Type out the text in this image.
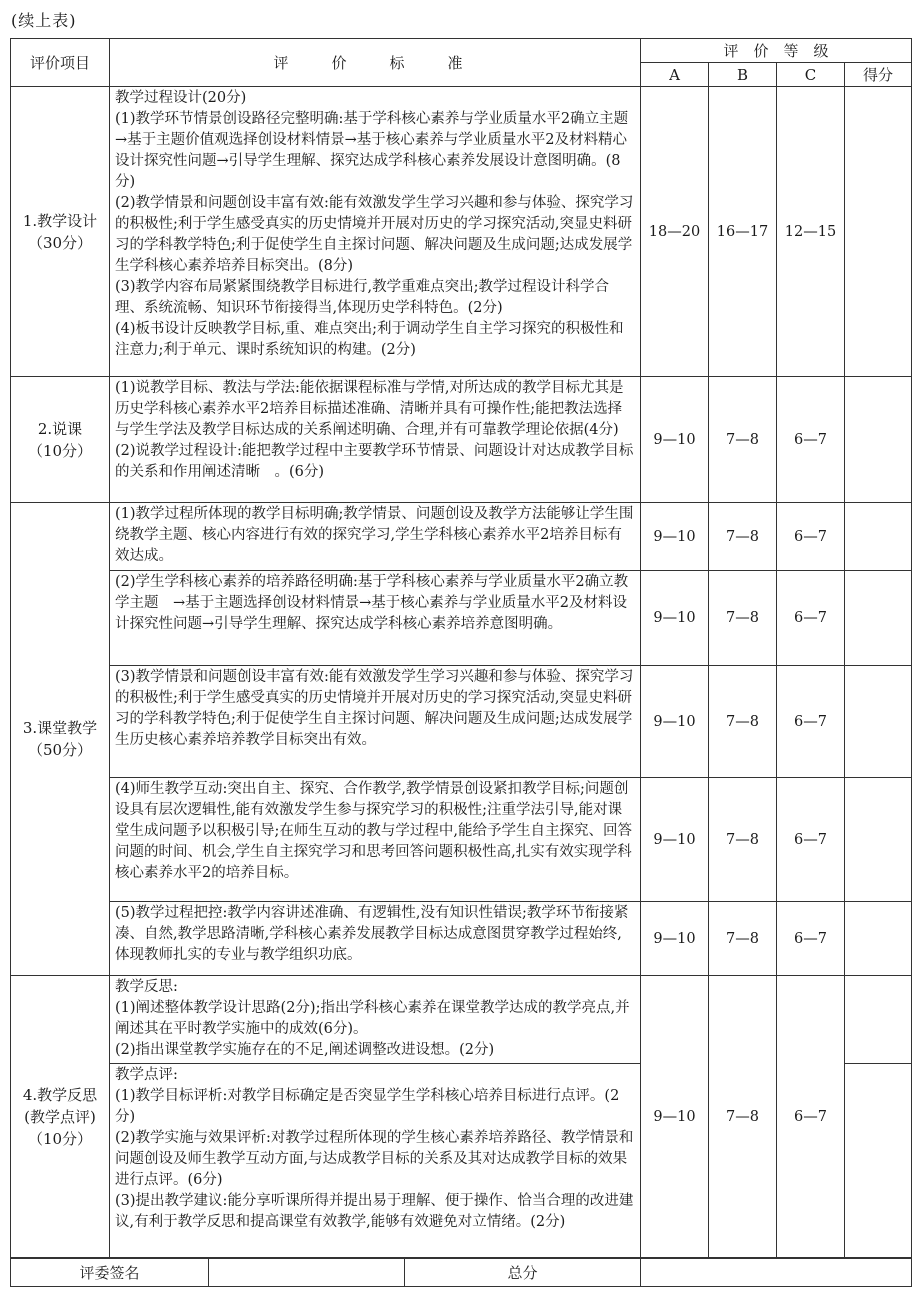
(续上表)
评价项目	评　价　标　准	评　价　等　级			
		A	B	C	得分

1.教学设计
（30分）	教学过程设计(20分)
(1)教学环节情景创设路径完整明确:基于学科核心素养与学业质量水平2确立主题　→基于主题价值观选择创设材料情景→基于核心素养与学业质量水平2及材料精心设计探究性问题→引导学生理解、探究达成学科核心素养发展设计意图明确。(8分)
(2)教学情景和问题创设丰富有效:能有效激发学生学习兴趣和参与体验、探究学习的积极性;利于学生感受真实的历史情境并开展对历史的学习探究活动,突显史料研习的学科教学特色;利于促使学生自主探讨问题、解决问题及生成问题;达成发展学生学科核心素养培养目标突出。(8分)
(3)教学内容布局紧紧围绕教学目标进行,教学重难点突出;教学过程设计科学合理、系统流畅、知识环节衔接得当,体现历史学科特色。(2分)
(4)板书设计反映教学目标,重、难点突出;利于调动学生自主学习探究的积极性和注意力;利于单元、课时系统知识的构建。(2分)	18—20	16—17	12—15	

2.说课
（10分）	(1)说教学目标、教法与学法:能依据课程标准与学情,对所达成的教学目标尤其是历史学科核心素养水平2培养目标描述准确、清晰并具有可操作性;能把教法选择与学生学法及教学目标达成的关系阐述明确、合理,并有可靠教学理论依据(4分)
(2)说教学过程设计:能把教学过程中主要教学环节情景、问题设计对达成教学目标的关系和作用阐述清晰　。(6分)	9—10	7—8	6—7	

3.课堂教学
（50分）	(1)教学过程所体现的教学目标明确;教学情景、问题创设及教学方法能够让学生围绕教学主题、核心内容进行有效的探究学习,学生学科核心素养水平2培养目标有效达成。	9—10	7—8	6—7	
	(2)学生学科核心素养的培养路径明确:基于学科核心素养与学业质量水平2确立教学主题　→基于主题选择创设材料情景→基于核心素养与学业质量水平2及材料设计探究性问题→引导学生理解、探究达成学科核心素养培养意图明确。	9—10	7—8	6—7	
	(3)教学情景和问题创设丰富有效:能有效激发学生学习兴趣和参与体验、探究学习的积极性;利于学生感受真实的历史情境并开展对历史的学习探究活动,突显史料研习的学科教学特色;利于促使学生自主探讨问题、解决问题及生成问题;达成发展学生历史核心素养培养教学目标突出有效。	9—10	7—8	6—7	
	(4)师生教学互动:突出自主、探究、合作教学,教学情景创设紧扣教学目标;问题创设具有层次逻辑性,能有效激发学生参与探究学习的积极性;注重学法引导,能对课堂生成问题予以积极引导;在师生互动的教与学过程中,能给予学生自主探究、回答问题的时间、机会,学生自主探究学习和思考回答问题积极性高,扎实有效实现学科核心素养水平2的培养目标。	9—10	7—8	6—7	
	(5)教学过程把控:教学内容讲述准确、有逻辑性,没有知识性错误;教学环节衔接紧凑、自然,教学思路清晰,学科核心素养发展教学目标达成意图贯穿教学过程始终,体现教师扎实的专业与教学组织功底。	9—10	7—8	6—7	

4.教学反思
(教学点评)
（10分）	教学反思:
(1)阐述整体教学设计思路(2分);指出学科核心素养在课堂教学达成的教学亮点,并阐述其在平时教学实施中的成效(6分)。
(2)指出课堂教学实施存在的不足,阐述调整改进设想。(2分)	9—10	7—8	6—7	

	教学点评:
(1)教学目标评析:对教学目标确定是否突显学生学科核心培养目标进行点评。(2分)
(2)教学实施与效果评析:对教学过程所体现的学生核心素养培养路径、教学情景和问题创设及师生教学互动方面,与达成教学目标的关系及其对达成教学目标的效果进行点评。(6分)
(3)提出教学建议:能分享听课所得并提出易于理解、便于操作、恰当合理的改进建议,有利于教学反思和提高课堂有效教学,能够有效避免对立情绪。(2分)				

评委签名		总分	
